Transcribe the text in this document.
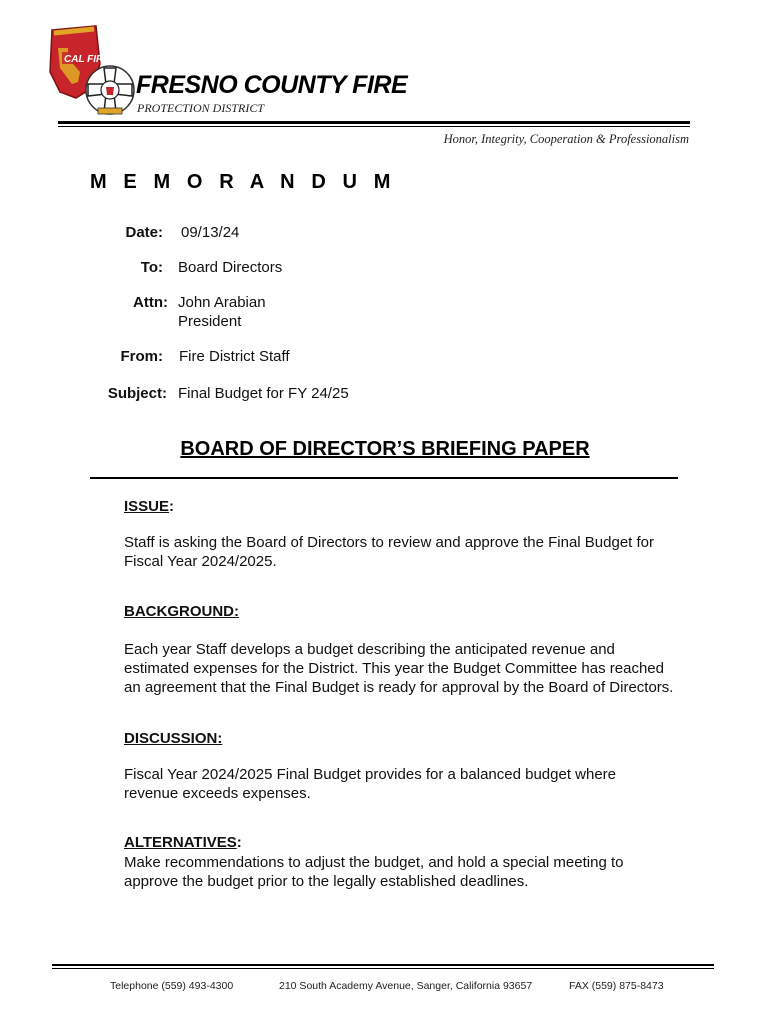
CAL FIRE
FRESNO COUNTY FIRE
PROTECTION DISTRICT
Honor, Integrity, Cooperation & Professionalism
M E M O R A N D U M
Date: 09/13/24
To: Board Directors
Attn: John Arabian
President
From: Fire District Staff
Subject: Final Budget for FY 24/25
BOARD OF DIRECTOR’S BRIEFING PAPER
ISSUE:
Staff is asking the Board of Directors to review and approve the Final Budget for
Fiscal Year 2024/2025.
BACKGROUND:
Each year Staff develops a budget describing the anticipated revenue and
estimated expenses for the District. This year the Budget Committee has reached
an agreement that the Final Budget is ready for approval by the Board of Directors.
DISCUSSION:
Fiscal Year 2024/2025 Final Budget provides for a balanced budget where
revenue exceeds expenses.
ALTERNATIVES:
Make recommendations to adjust the budget, and hold a special meeting to
approve the budget prior to the legally established deadlines.
Telephone (559) 493-4300	210 South Academy Avenue, Sanger, California 93657	FAX (559) 875-8473
